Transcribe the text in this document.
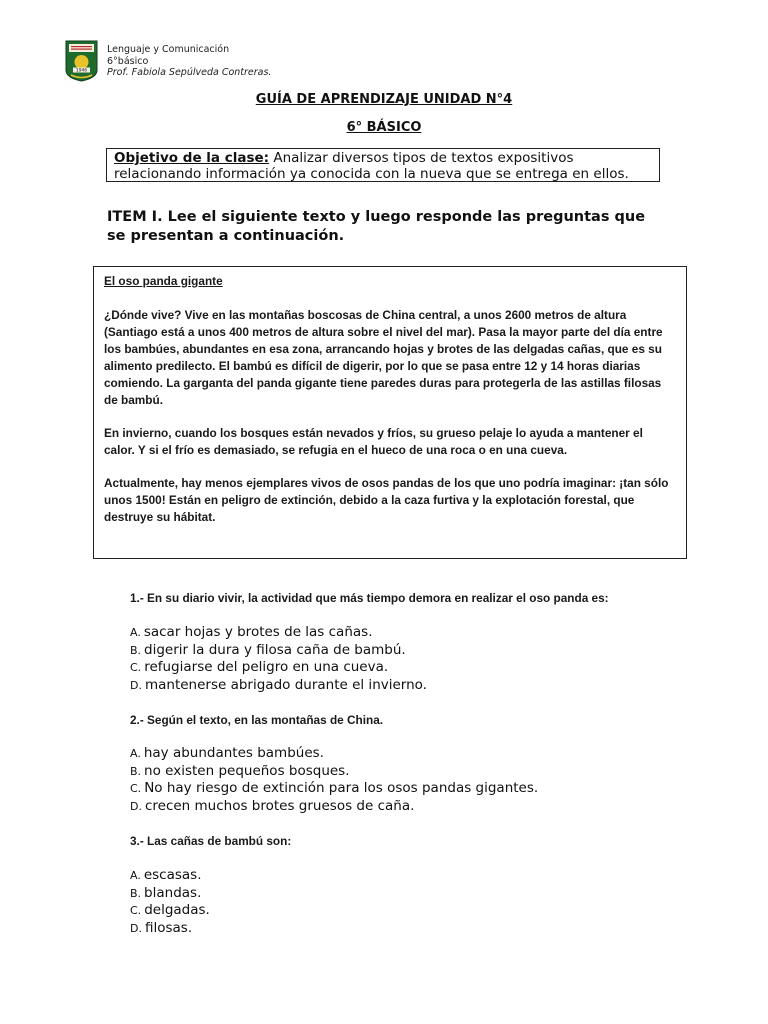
1946
Lenguaje y Comunicación
6°básico
Prof. Fabiola Sepúlveda Contreras.
GUÍA DE APRENDIZAJE UNIDAD N°4
6° BÁSICO
Objetivo de la clase: Analizar diversos tipos de textos expositivos relacionando información ya conocida con la nueva que se entrega en ellos.
ITEM I. Lee el siguiente texto y luego responde las preguntas que se presentan a continuación.

El oso panda gigante

¿Dónde vive? Vive en las montañas boscosas de China central, a unos 2600 metros de altura (Santiago está a unos 400 metros de altura sobre el nivel del mar). Pasa la mayor parte del día entre los bambúes, abundantes en esa zona, arrancando hojas y brotes de las delgadas cañas, que es su alimento predilecto. El bambú es difícil de digerir, por lo que se pasa entre 12 y 14 horas diarias comiendo. La garganta del panda gigante tiene paredes duras para protegerla de las astillas filosas de bambú.

En invierno, cuando los bosques están nevados y fríos, su grueso pelaje lo ayuda a mantener el calor. Y si el frío es demasiado, se refugia en el hueco de una roca o en una cueva.

Actualmente, hay menos ejemplares vivos de osos pandas de los que uno podría imaginar: ¡tan sólo unos 1500! Están en peligro de extinción, debido a la caza furtiva y la explotación forestal, que destruye su hábitat.

1.- En su diario vivir, la actividad que más tiempo demora en realizar el oso panda es:
A. sacar hojas y brotes de las cañas.
B. digerir la dura y filosa caña de bambú.
C. refugiarse del peligro en una cueva.
D. mantenerse abrigado durante el invierno.
2.- Según el texto, en las montañas de China.
A. hay abundantes bambúes.
B. no existen pequeños bosques.
C. No hay riesgo de extinción para los osos pandas gigantes.
D. crecen muchos brotes gruesos de caña.
3.- Las cañas de bambú son:
A. escasas.
B. blandas.
C. delgadas.
D. filosas.
